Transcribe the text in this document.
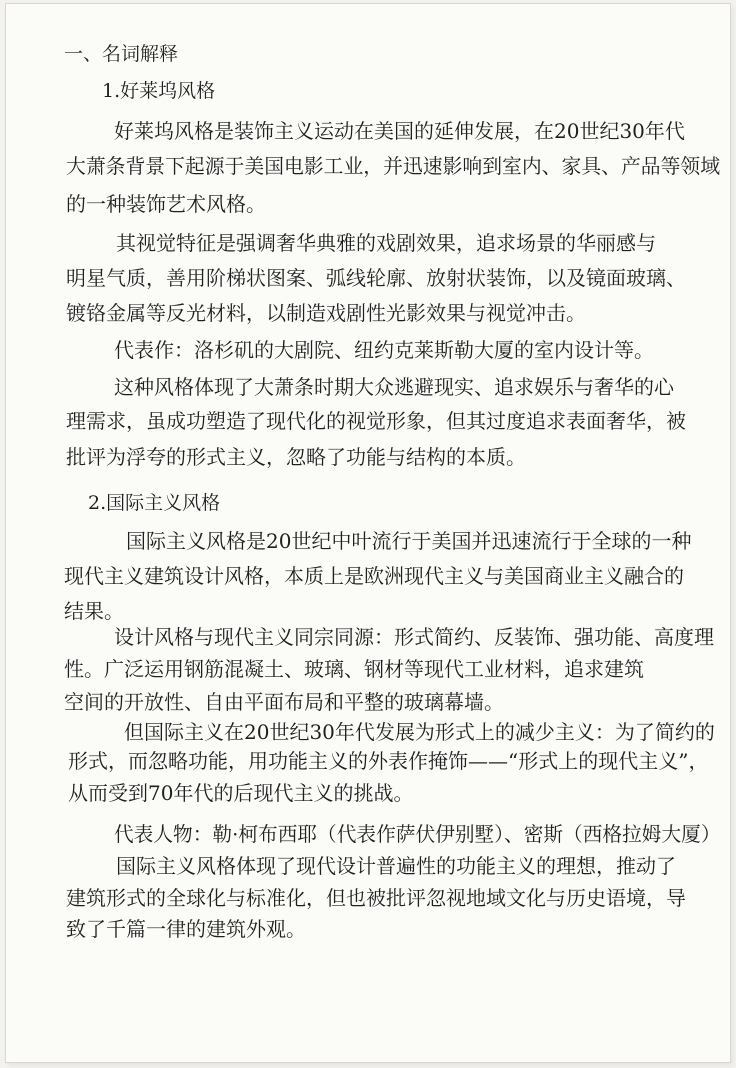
一、名词解释
1.好莱坞风格
好莱坞风格是装饰主义运动在美国的延伸发展，在20世纪30年代
大萧条背景下起源于美国电影工业，并迅速影响到室内、家具、产品等领域
的一种装饰艺术风格。
其视觉特征是强调奢华典雅的戏剧效果，追求场景的华丽感与
明星气质，善用阶梯状图案、弧线轮廓、放射状装饰，以及镜面玻璃、
镀铬金属等反光材料，以制造戏剧性光影效果与视觉冲击。
代表作：洛杉矶的大剧院、纽约克莱斯勒大厦的室内设计等。
这种风格体现了大萧条时期大众逃避现实、追求娱乐与奢华的心
理需求，虽成功塑造了现代化的视觉形象，但其过度追求表面奢华，被
批评为浮夸的形式主义，忽略了功能与结构的本质。
2.国际主义风格
国际主义风格是20世纪中叶流行于美国并迅速流行于全球的一种
现代主义建筑设计风格，本质上是欧洲现代主义与美国商业主义融合的
结果。
设计风格与现代主义同宗同源：形式简约、反装饰、强功能、高度理
性。广泛运用钢筋混凝土、玻璃、钢材等现代工业材料，追求建筑
空间的开放性、自由平面布局和平整的玻璃幕墙。
但国际主义在20世纪30年代发展为形式上的减少主义：为了简约的
形式，而忽略功能，用功能主义的外表作掩饰——“形式上的现代主义”，
从而受到70年代的后现代主义的挑战。
代表人物：勒·柯布西耶（代表作萨伏伊别墅）、密斯（西格拉姆大厦）
国际主义风格体现了现代设计普遍性的功能主义的理想，推动了
建筑形式的全球化与标准化，但也被批评忽视地域文化与历史语境，导
致了千篇一律的建筑外观。
